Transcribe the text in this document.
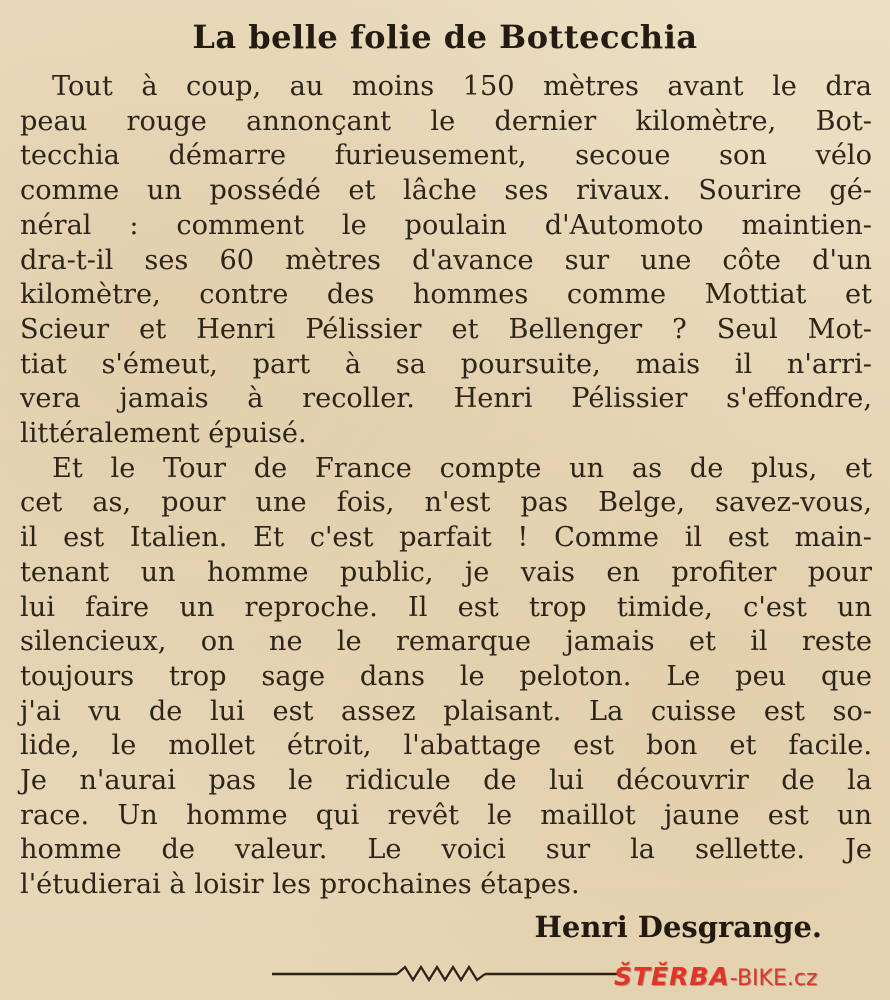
La belle folie de Bottecchia
Tout à coup, au moins 150 mètres avant le dra
peau rouge annonçant le dernier kilomètre, Bot-
tecchia démarre furieusement, secoue son vélo
comme un possédé et lâche ses rivaux. Sourire gé-
néral : comment le poulain d'Automoto maintien-
dra-t-il ses 60 mètres d'avance sur une côte d'un
kilomètre, contre des hommes comme Mottiat et
Scieur et Henri Pélissier et Bellenger ? Seul Mot-
tiat s'émeut, part à sa poursuite, mais il n'arri-
vera jamais à recoller. Henri Pélissier s'effondre,
littéralement épuisé.
Et le Tour de France compte un as de plus, et
cet as, pour une fois, n'est pas Belge, savez-vous,
il est Italien. Et c'est parfait ! Comme il est main-
tenant un homme public, je vais en profiter pour
lui faire un reproche. Il est trop timide, c'est un
silencieux, on ne le remarque jamais et il reste
toujours trop sage dans le peloton. Le peu que
j'ai vu de lui est assez plaisant. La cuisse est so-
lide, le mollet étroit, l'abattage est bon et facile.
Je n'aurai pas le ridicule de lui découvrir de la
race. Un homme qui revêt le maillot jaune est un
homme de valeur. Le voici sur la sellette. Je
l'étudierai à loisir les prochaines étapes.
Henri Desgrange.
ŠTĚRBA-BIKE.cz
